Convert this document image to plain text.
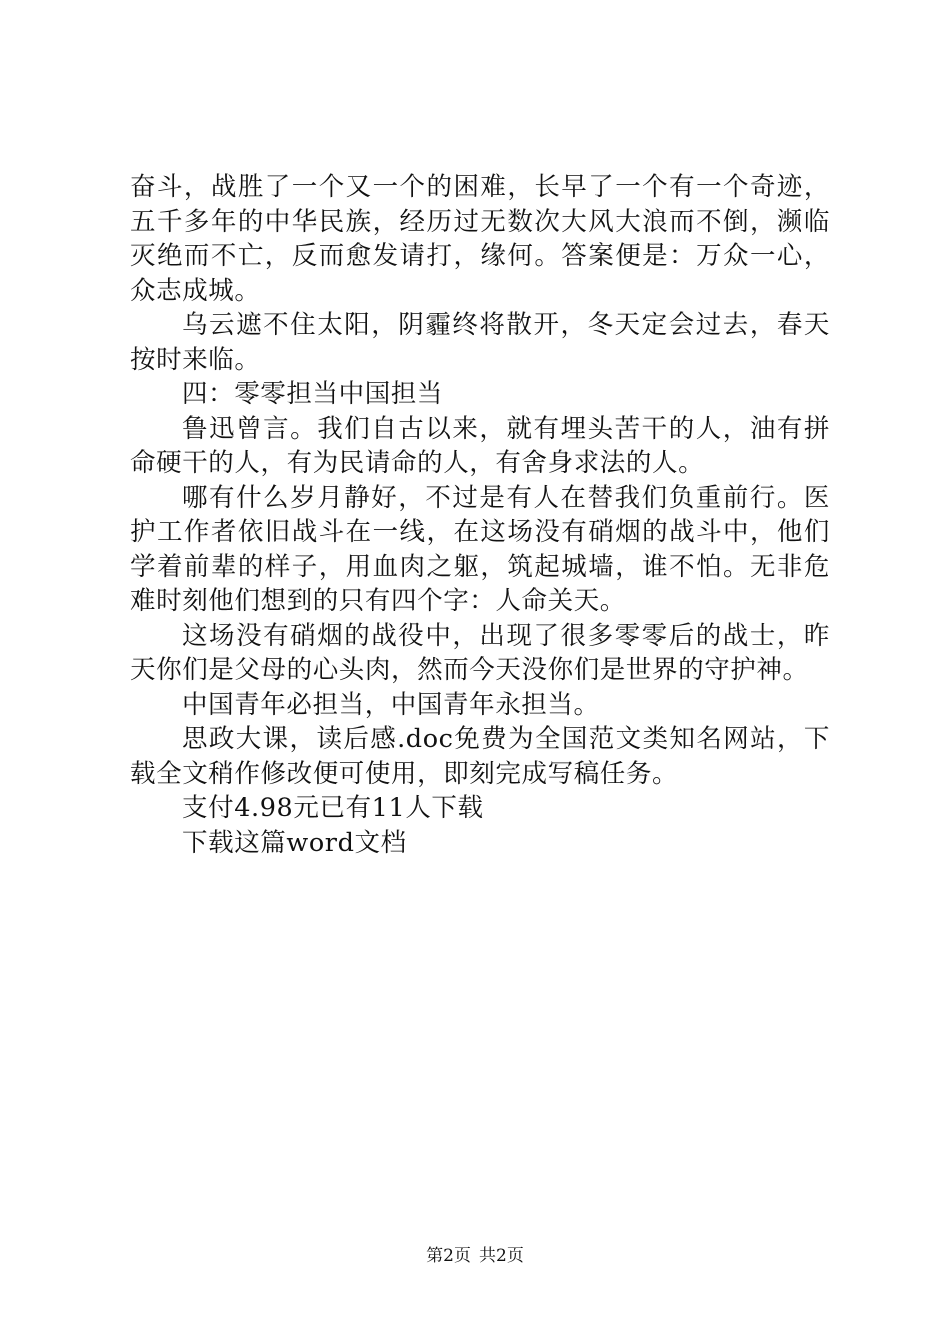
奋斗，战胜了一个又一个的困难，长早了一个有一个奇迹，五千多年的中华民族，经历过无数次大风大浪而不倒，濒临灭绝而不亡，反而愈发请打，缘何。答案便是：万众一心，众志成城。

乌云遮不住太阳，阴霾终将散开，冬天定会过去，春天按时来临。

四：零零担当中国担当

鲁迅曾言。我们自古以来，就有埋头苦干的人，油有拼命硬干的人，有为民请命的人，有舍身求法的人。

哪有什么岁月静好，不过是有人在替我们负重前行。医护工作者依旧战斗在一线，在这场没有硝烟的战斗中，他们学着前辈的样子，用血肉之躯，筑起城墙，谁不怕。无非危难时刻他们想到的只有四个字：人命关天。

这场没有硝烟的战役中，出现了很多零零后的战士，昨天你们是父母的心头肉，然而今天没你们是世界的守护神。

中国青年必担当，中国青年永担当。

思政大课，读后感.doc免费为全国范文类知名网站，下载全文稍作修改便可使用，即刻完成写稿任务。

支付4.98元已有11人下载

下载这篇word文档

第2页 共2页
